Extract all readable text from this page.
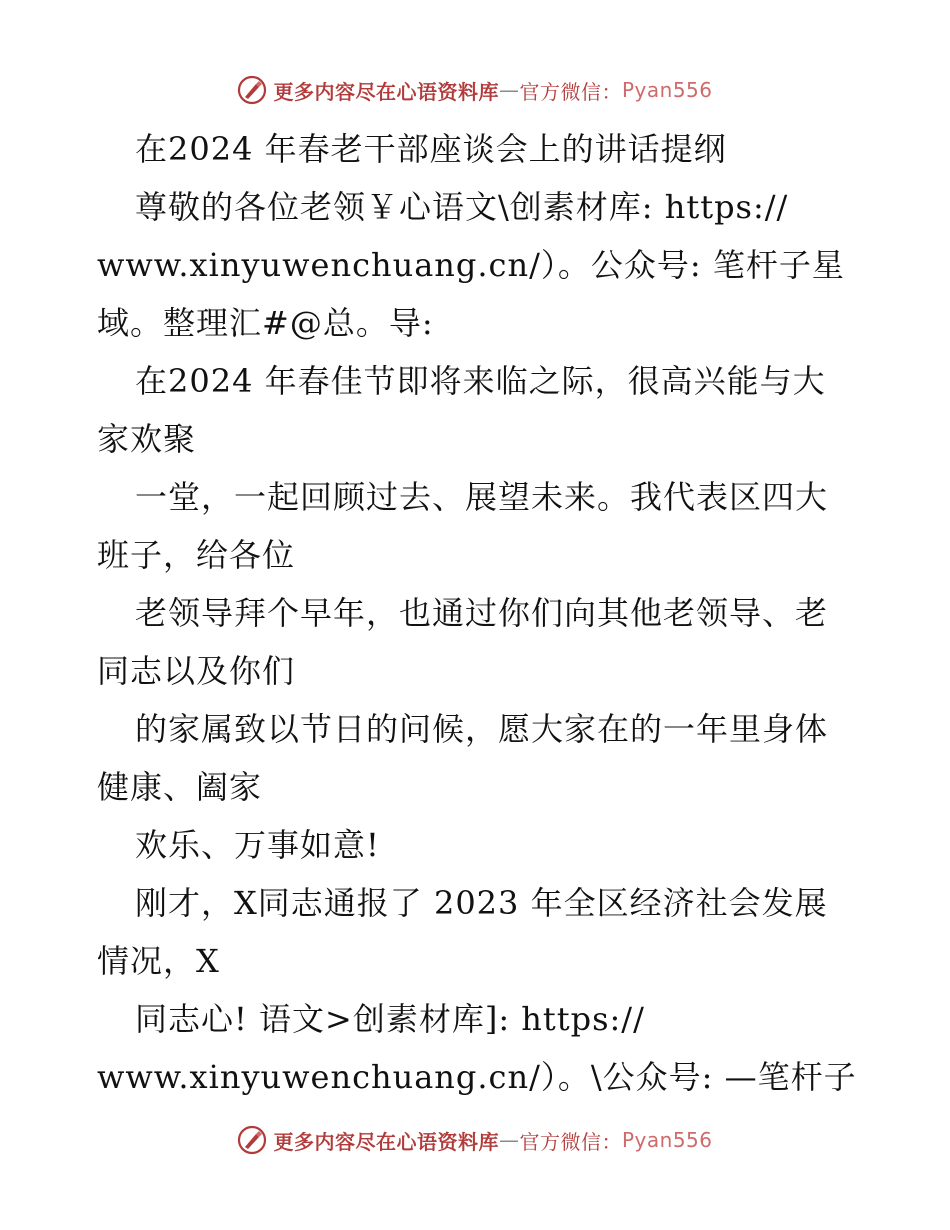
更多内容尽在心语资料库 — 官方微信： Pyan556
在2024 年春老干部座谈会上的讲话提纲
尊敬的各位老领￥心语文\创素材库: https://
www.xinyuwenchuang.cn/）。公众号: 笔杆子星
域。整理汇#@总。导:
在2024 年春佳节即将来临之际，很高兴能与大
家欢聚
一堂，一起回顾过去、展望未来。我代表区四大
班子，给各位
老领导拜个早年，也通过你们向其他老领导、老
同志以及你们
的家属致以节日的问候，愿大家在的一年里身体
健康、阖家
欢乐、万事如意!
刚才，X同志通报了 2023 年全区经济社会发展
情况，X
同志心! 语文>创素材库]: https://
www.xinyuwenchuang.cn/）。\公众号: —笔杆子
更多内容尽在心语资料库 — 官方微信： Pyan556
